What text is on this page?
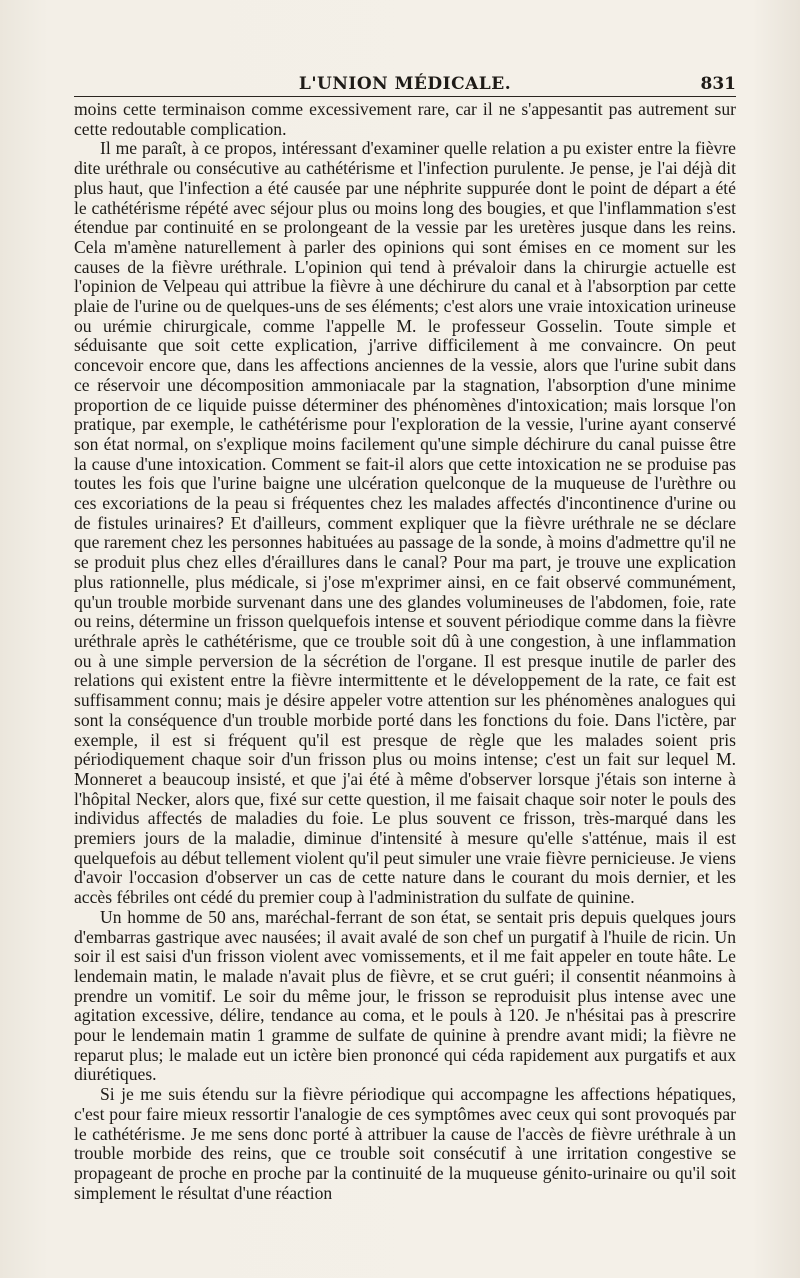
L'UNION MÉDICALE.	831

moins cette terminaison comme excessivement rare, car il ne s'appesantit pas autrement sur cette redoutable complication.

Il me paraît, à ce propos, intéressant d'examiner quelle relation a pu exister entre la fièvre dite uréthrale ou consécutive au cathétérisme et l'infection purulente. Je pense, je l'ai déjà dit plus haut, que l'infection a été causée par une néphrite suppurée dont le point de départ a été le cathétérisme répété avec séjour plus ou moins long des bougies, et que l'inflammation s'est étendue par continuité en se prolongeant de la vessie par les uretères jusque dans les reins. Cela m'amène naturellement à parler des opinions qui sont émises en ce moment sur les causes de la fièvre uréthrale. L'opinion qui tend à prévaloir dans la chirurgie actuelle est l'opinion de Velpeau qui attribue la fièvre à une déchirure du canal et à l'absorption par cette plaie de l'urine ou de quelques-uns de ses éléments; c'est alors une vraie intoxication urineuse ou urémie chirurgicale, comme l'appelle M. le professeur Gosselin. Toute simple et séduisante que soit cette explication, j'arrive difficilement à me convaincre. On peut concevoir encore que, dans les affections anciennes de la vessie, alors que l'urine subit dans ce réservoir une décomposition ammoniacale par la stagnation, l'absorption d'une minime proportion de ce liquide puisse déterminer des phénomènes d'intoxication; mais lorsque l'on pratique, par exemple, le cathétérisme pour l'exploration de la vessie, l'urine ayant conservé son état normal, on s'explique moins facilement qu'une simple déchirure du canal puisse être la cause d'une intoxication. Comment se fait-il alors que cette intoxication ne se produise pas toutes les fois que l'urine baigne une ulcération quelconque de la muqueuse de l'urèthre ou ces excoriations de la peau si fréquentes chez les malades affectés d'incontinence d'urine ou de fistules urinaires? Et d'ailleurs, comment expliquer que la fièvre uréthrale ne se déclare que rarement chez les personnes habituées au passage de la sonde, à moins d'admettre qu'il ne se produit plus chez elles d'éraillures dans le canal? Pour ma part, je trouve une explication plus rationnelle, plus médicale, si j'ose m'exprimer ainsi, en ce fait observé communément, qu'un trouble morbide survenant dans une des glandes volumineuses de l'abdomen, foie, rate ou reins, détermine un frisson quelquefois intense et souvent périodique comme dans la fièvre uréthrale après le cathétérisme, que ce trouble soit dû à une congestion, à une inflammation ou à une simple perversion de la sécrétion de l'organe. Il est presque inutile de parler des relations qui existent entre la fièvre intermittente et le développement de la rate, ce fait est suffisamment connu; mais je désire appeler votre attention sur les phénomènes analogues qui sont la conséquence d'un trouble morbide porté dans les fonctions du foie. Dans l'ictère, par exemple, il est si fréquent qu'il est presque de règle que les malades soient pris périodiquement chaque soir d'un frisson plus ou moins intense; c'est un fait sur lequel M. Monneret a beaucoup insisté, et que j'ai été à même d'observer lorsque j'étais son interne à l'hôpital Necker, alors que, fixé sur cette question, il me faisait chaque soir noter le pouls des individus affectés de maladies du foie. Le plus souvent ce frisson, très-marqué dans les premiers jours de la maladie, diminue d'intensité à mesure qu'elle s'atténue, mais il est quelquefois au début tellement violent qu'il peut simuler une vraie fièvre pernicieuse. Je viens d'avoir l'occasion d'observer un cas de cette nature dans le courant du mois dernier, et les accès fébriles ont cédé du premier coup à l'administration du sulfate de quinine.

Un homme de 50 ans, maréchal-ferrant de son état, se sentait pris depuis quelques jours d'embarras gastrique avec nausées; il avait avalé de son chef un purgatif à l'huile de ricin. Un soir il est saisi d'un frisson violent avec vomissements, et il me fait appeler en toute hâte. Le lendemain matin, le malade n'avait plus de fièvre, et se crut guéri; il consentit néanmoins à prendre un vomitif. Le soir du même jour, le frisson se reproduisit plus intense avec une agitation excessive, délire, tendance au coma, et le pouls à 120. Je n'hésitai pas à prescrire pour le lendemain matin 1 gramme de sulfate de quinine à prendre avant midi; la fièvre ne reparut plus; le malade eut un ictère bien prononcé qui céda rapidement aux purgatifs et aux diurétiques.

Si je me suis étendu sur la fièvre périodique qui accompagne les affections hépatiques, c'est pour faire mieux ressortir l'analogie de ces symptômes avec ceux qui sont provoqués par le cathétérisme. Je me sens donc porté à attribuer la cause de l'accès de fièvre uréthrale à un trouble morbide des reins, que ce trouble soit consécutif à une irritation congestive se propageant de proche en proche par la continuité de la muqueuse génito-urinaire ou qu'il soit simplement le résultat d'une réaction
